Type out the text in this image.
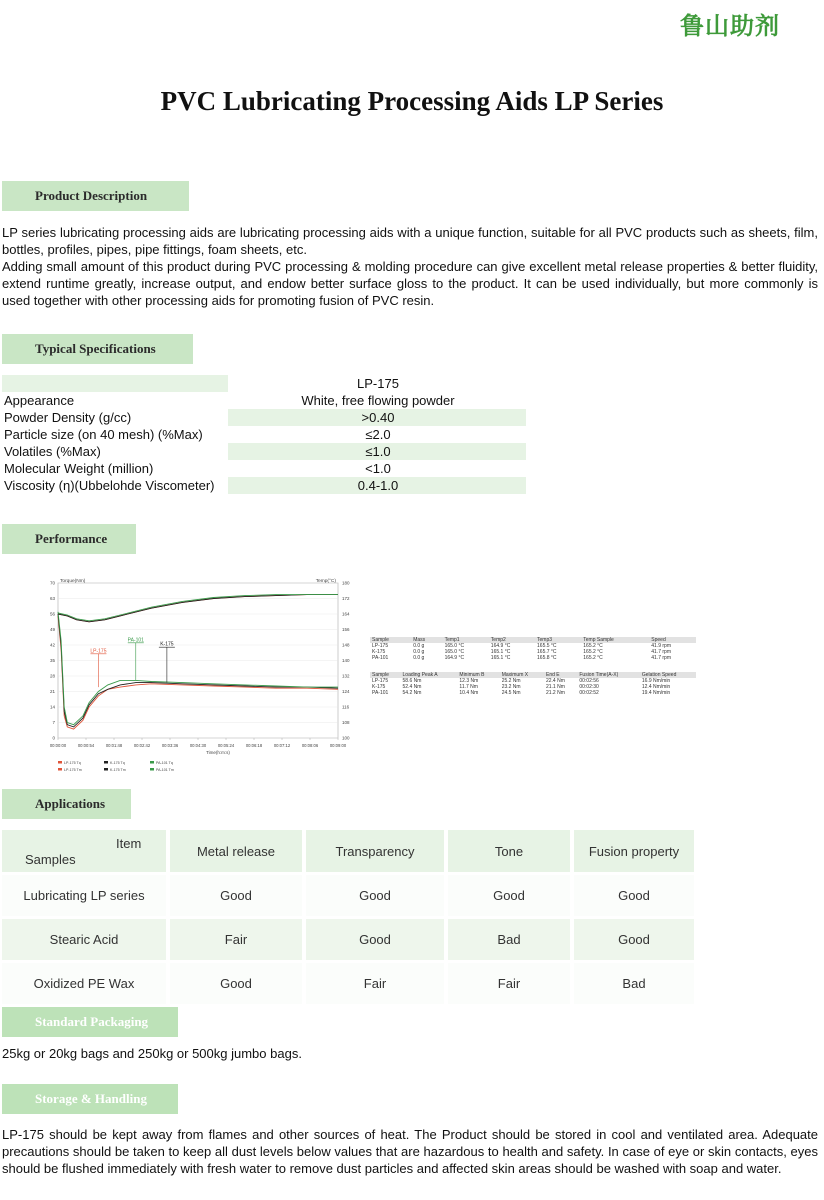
鲁山助剂
PVC Lubricating Processing Aids LP Series
Product Description

LP series lubricating processing aids are lubricating processing aids with a unique function, suitable for all PVC products such as sheets, film, bottles, profiles, pipes, pipe fittings, foam sheets, etc.

Adding small amount of this product during PVC processing & molding procedure can give excellent metal release properties & better fluidity, extend runtime greatly, increase output, and endow better surface gloss to the product. It can be used individually, but more commonly is used together with other processing aids for promoting fusion of PVC resin.

Typical Specifications
	LP-175
Appearance	White, free flowing powder
Powder Density (g/cc)	>0.40
Particle size (on 40 mesh) (%Max)	≤2.0
Volatiles (%Max)	≤1.0
Molecular Weight (million)	<1.0
Viscosity (η)(Ubbelohde Viscometer)	0.4-1.0
Performance
70
63
56
49
42
35
28
21
14
7
0
180
172
164
156
148
140
132
124
116
108
100
00:00:00	00:00:54	00:01:48	00:02:42	00:03:36	00:04:30	00:05:24	00:06:18	00:07:12	00:08:06	00:09:00
Torque(Nm)	Temp(°C)
Time(h:m:s)
LP-175
PA-101
K-175
LP-175 Tq	K-175 Tq	PA-101 Tq
LP-175 Tm	K-175 Tm	PA-101 Tm
Sample	Mass	Temp1	Temp2	Temp3	Temp Sample	Speed
LP-175	0.0 g	165.0 °C	164.9 °C	165.5 °C	165.2 °C	41.9 rpm
K-175	0.0 g	165.0 °C	165.1 °C	165.7 °C	165.2 °C	41.7 rpm
PA-101	0.0 g	164.9 °C	165.1 °C	165.8 °C	165.2 °C	41.7 rpm
Sample	Loading Peak A	Minimum B	Maximum X	End E	Fusion Time(A-X)	Gelation Speed
LP-175	58.6 Nm	12.3 Nm	25.2 Nm	22.4 Nm	00:02:56	16.9 Nm/min
K-175	52.4 Nm	11.7 Nm	23.2 Nm	21.1 Nm	00:02:30	12.4 Nm/min
PA-101	54.2 Nm	10.4 Nm	24.5 Nm	21.2 Nm	00:02:52	19.4 Nm/min
Applications
Item
Samples	Metal release	Transparency	Tone	Fusion property
Lubricating LP series	Good	Good	Good	Good
Stearic Acid	Fair	Good	Bad	Good
Oxidized PE Wax	Good	Fair	Fair	Bad
Standard Packaging
25kg or 20kg bags and 250kg or 500kg jumbo bags.
Storage & Handling
LP-175 should be kept away from flames and other sources of heat. The Product should be stored in cool and ventilated area. Adequate precautions should be taken to keep all dust levels below values that are hazardous to health and safety. In case of eye or skin contacts, eyes should be flushed immediately with fresh water to remove dust particles and affected skin areas should be washed with soap and water.
